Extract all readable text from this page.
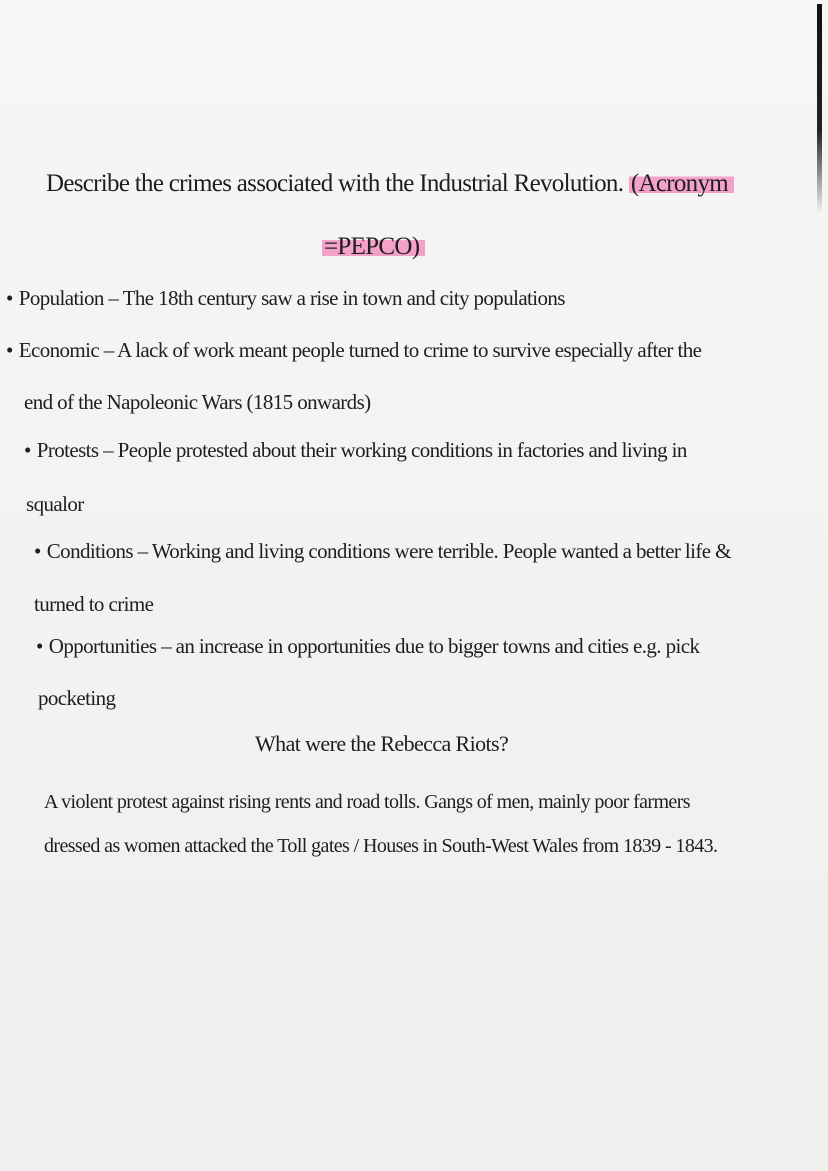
Describe the crimes associated with the Industrial Revolution. (Acronym
=PEPCO)
• Population – The 18th century saw a rise in town and city populations
• Economic – A lack of work meant people turned to crime to survive especially after the
end of the Napoleonic Wars (1815 onwards)
• Protests – People protested about their working conditions in factories and living in
squalor
• Conditions – Working and living conditions were terrible. People wanted a better life &
turned to crime
• Opportunities – an increase in opportunities due to bigger towns and cities e.g. pick
pocketing
What were the Rebecca Riots?
A violent protest against rising rents and road tolls. Gangs of men, mainly poor farmers
dressed as women attacked the Toll gates / Houses in South-West Wales from 1839 - 1843.
